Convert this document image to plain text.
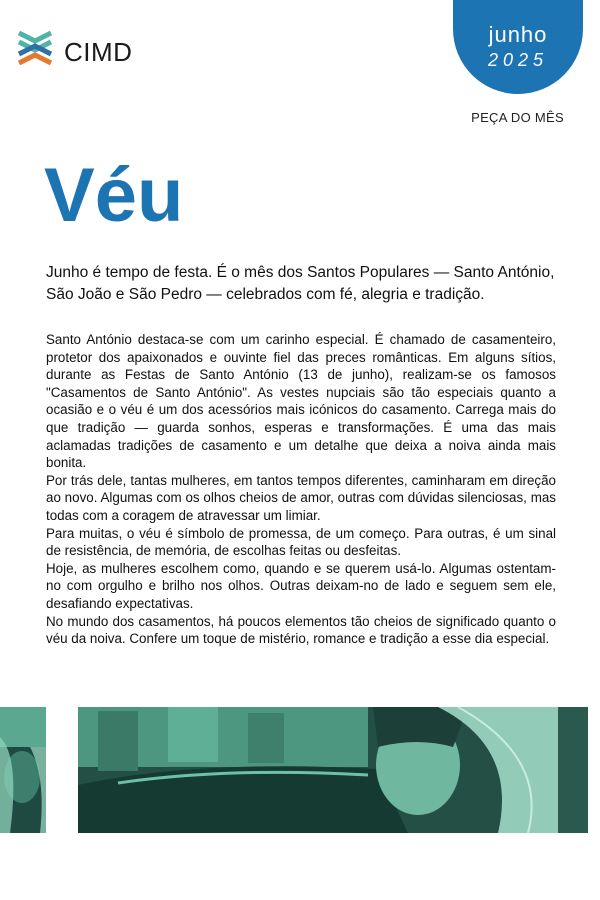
CIMD
junho
2025
PEÇA DO MÊS
Véu

Junho é tempo de festa. É o mês dos Santos Populares — Santo António, São João e São Pedro — celebrados com fé, alegria e tradição.

Santo António destaca-se com um carinho especial. É chamado de casamenteiro, protetor dos apaixonados e ouvinte fiel das preces românticas. Em alguns sítios, durante as Festas de Santo António (13 de junho), realizam-se os famosos "Casamentos de Santo António". As vestes nupciais são tão especiais quanto a ocasião e o véu é um dos acessórios mais icónicos do casamento. Carrega mais do que tradição — guarda sonhos, esperas e transformações. É uma das mais aclamadas tradições de casamento e um detalhe que deixa a noiva ainda mais bonita.

Por trás dele, tantas mulheres, em tantos tempos diferentes, caminharam em direção ao novo. Algumas com os olhos cheios de amor, outras com dúvidas silenciosas, mas todas com a coragem de atravessar um limiar.

Para muitas, o véu é símbolo de promessa, de um começo. Para outras, é um sinal de resistência, de memória, de escolhas feitas ou desfeitas.

Hoje, as mulheres escolhem como, quando e se querem usá-lo. Algumas ostentam-no com orgulho e brilho nos olhos. Outras deixam-no de lado e seguem sem ele, desafiando expectativas.

No mundo dos casamentos, há poucos elementos tão cheios de significado quanto o véu da noiva. Confere um toque de mistério, romance e tradição a esse dia especial.
